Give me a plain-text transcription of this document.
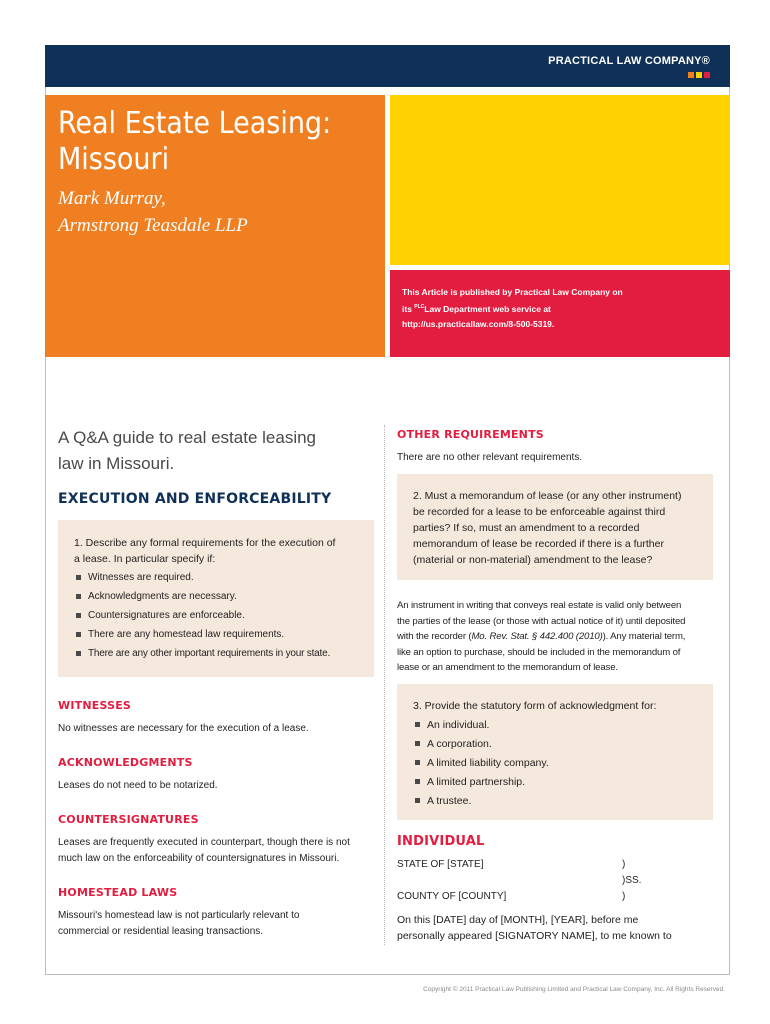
PRACTICAL LAW COMPANY®
Real Estate Leasing:
Missouri
Mark Murray,
Armstrong Teasdale LLP
This Article is published by Practical Law Company on
its $^{PLC}$Law Department web service at
http://us.practicallaw.com/8-500-5319.
A Q&A guide to real estate leasing
law in Missouri.
EXECUTION AND ENFORCEABILITY
1. Describe any formal requirements for the execution of
a lease. In particular specify if:
Witnesses are required.
Acknowledgments are necessary.
Countersignatures are enforceable.
There are any homestead law requirements.
There are any other important requirements in your state.
WITNESSES
No witnesses are necessary for the execution of a lease.
ACKNOWLEDGMENTS
Leases do not need to be notarized.
COUNTERSIGNATURES
Leases are frequently executed in counterpart, though there is not
much law on the enforceability of countersignatures in Missouri.
HOMESTEAD LAWS
Missouri's homestead law is not particularly relevant to
commercial or residential leasing transactions.
OTHER REQUIREMENTS
There are no other relevant requirements.
2. Must a memorandum of lease (or any other instrument)
be recorded for a lease to be enforceable against third
parties? If so, must an amendment to a recorded
memorandum of lease be recorded if there is a further
(material or non-material) amendment to the lease?
An instrument in writing that conveys real estate is valid only between
the parties of the lease (or those with actual notice of it) until deposited
with the recorder (Mo. Rev. Stat. § 442.400 (2010)). Any material term,
like an option to purchase, should be included in the memorandum of
lease or an amendment to the memorandum of lease.
3. Provide the statutory form of acknowledgment for:
An individual.
A corporation.
A limited liability company.
A limited partnership.
A trustee.
INDIVIDUAL
STATE OF [STATE]	)
)SS.
COUNTY OF [COUNTY]	)
On this [DATE] day of [MONTH], [YEAR], before me
personally appeared [SIGNATORY NAME], to me known to
Copyright © 2011 Practical Law Publishing Limited and Practical Law Company, Inc. All Rights Reserved.
